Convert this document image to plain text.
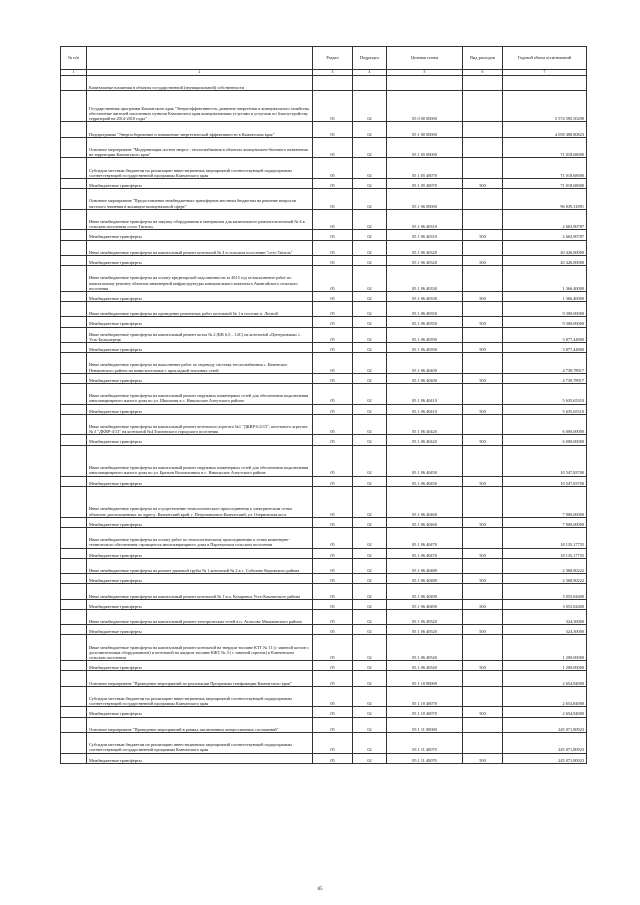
№ п/п		Раздел	Подраздел	Целевая статья	Вид расходов	Годовой объем ассигнований
1	2	3	4	5	6	7
	Капитальные вложения в объекты государственной (муниципальной) собственности					
	Государственная программа Камчатского края "Энергоэффективность, развитие энергетики и коммунального хозяйства, обеспечение жителей населенных пунктов Камчатского края коммунальными услугами и услугами по благоустройству территорий на 2014-2018 годы"	05	02	05 0 00 00000		5 574 585,50290
	Подпрограмма "Энергосбережение и повышение энергетической эффективности в Камчатском крае"	05	02	05 1 00 00000		4 058 488,80823
	Основное мероприятие "Модернизация систем энерго-, теплоснабжения в объектах коммунально-бытового назначения на территории Камчатского края"	05	02	05 1 05 00000		71 018,68000
	Субсидии местным бюджетам на реализацию инвестиционных мероприятий соответствующей подпрограммы соответствующей государственной программы Камчатского края	05	02	05 1 05 40070		71 018,68000
	Межбюджетные трансферты	05	02	05 1 05 40070	500	71 018,68000
	Основное мероприятие "Предоставление межбюджетных трансфертов местным бюджетам на решение вопросов местного значения в жилищно-коммунальной сфере"	05	02	05 1 06 00000		96 839,31891
	Иные межбюджетные трансферты на закупку оборудования и материалов для капитального ремонта котельной № 4 в сельском поселении «село Тигиль»	05	02	05 1 06 40310		2 663,90787
	Межбюджетные трансферты	05	02	05 1 06 40310	500	2 663,90787
	Иные межбюджетные трансферты на капитальный ремонт котельной № 4 в сельском поселении "село Тигиль"	05	02	05 1 06 40320		20 426,00000
	Межбюджетные трансферты	05	02	05 1 06 40320	500	20 426,00000
	Иные межбюджетные трансферты на оплату кредиторской задолженности за 2015 год за выполнение работ по капитальному ремонту объектов инженерной инфраструктуры коммунального комплекса Анавгайского сельского поселения	05	02	05 1 06 40330		1 366,40000
	Межбюджетные трансферты	05	02	05 1 06 40330	500	1 366,40000
	Иные межбюджетные трансферты на проведение ремонтных работ котельной № 1 в поселке п. Лесной	05	02	05 1 06 40350		9 300,00000
	Межбюджетные трансферты	05	02	05 1 06 40350	500	9 300,00000
	Иные межбюджетные трансферты на капитальный ремонт котла № 2 (КВ 6,5 – 14С) на котельной «Центральная» с. Усть-Большерецк	05	02	05 1 06 40390		3 877,44800
	Межбюджетные трансферты	05	02	05 1 06 40390	500	3 877,44800
	Иные межбюджетные трансферты на выполнение работ по переводу системы теплоснабжения с. Каменское Пенжинского района на мини-котельные с прокладкой тепловых сетей	05	02	05 1 06 40400		4 739,78917
	Межбюджетные трансферты	05	02	05 1 06 40400	500	4 739,78917
	Иные межбюджетные трансферты на капитальный ремонт наружных инженерных сетей для обеспечения подключения многоквартирного жилого дома по ул. Школьная в с. Никольское Алеутского района	05	02	05 1 06 40410		5 635,65310
	Межбюджетные трансферты	05	02	05 1 06 40410	500	5 635,65310
	Иные межбюджетные трансферты на капитальный ремонт котельного агрегата №1 "ДКВР-6,5/13", котельного агрегата № 3 "ДКВР-4/13" на котельной №4 Елизовского городского поселения	05	02	05 1 06 40420		6 000,00000
	Межбюджетные трансферты	05	02	05 1 06 40420	500	6 000,00000
	Иные межбюджетные трансферты на капитальный ремонт наружных инженерных сетей для обеспечения подключения многоквартирного жилого дома по ул. Братьев Волокитиных в с. Никольское Алеутского района	05	02	05 1 06 40450		10 547,83700
	Межбюджетные трансферты	05	02	05 1 06 40450	500	10 547,83700
	Иные межбюджетные трансферты на осуществление технологического присоединения к электрическим сетям объектов, расположенных по адресу: Камчатский край, г. Петропавловск-Камчатский, ул. Озерновская коса	05	02	05 1 06 40460		7 000,00000
	Межбюджетные трансферты	05	02	05 1 06 40460	500	7 000,00000
	Иные межбюджетные трансферты на оплату работ по технологическому присоединению к сетям инженерно-технического обеспечения строящегося многоквартирного дома в Паратунском сельском поселении	05	02	05 1 06 40470		18 135,17755
	Межбюджетные трансферты	05	02	05 1 06 40470	500	18 135,17755
	Иные межбюджетные трансферты на ремонт дымовой трубы № 1 котельной № 2 в с. Соболево Кировского района	05	02	05 1 06 40480		2 368,90222
	Межбюджетные трансферты	05	02	05 1 06 40480	500	2 368,90222
	Иные межбюджетные трансферты на капитальный ремонт котельной № 1 в п. Козыревск Усть-Камчатского района	05	02	05 1 06 40490		3 053,84400
	Межбюджетные трансферты	05	02	05 1 06 40490	500	3 053,84400
	Иные межбюджетные трансферты на капитальный ремонт электрических сетей в п. Атласово Мильковского района	05	02	05 1 06 40520		324,30000
	Межбюджетные трансферты	05	02	05 1 06 40520	500	324,30000
	Иные межбюджетные трансферты на капитальный ремонт котельной на твердом топливе КТТ № 11 (с заменой котлов с дополнительным оборудованием) и котельной на жидком топливе КЖТ № 3 ( с заменой горелок) в Ключевском сельском поселении	05	02	05 1 06 40540		1 200,00000
	Межбюджетные трансферты	05	02	05 1 06 40540	500	1 200,00000
	Основное мероприятие "Проведение мероприятий по реализации Программы газификации Камчатского края"	05	02	05 1 10 00000		2 654,84000
	Субсидии местным бюджетам на реализацию инвестиционных мероприятий соответствующей подпрограммы соответствующей государственной программы Камчатского края	05	02	05 1 10 40070		2 654,84000
	Межбюджетные трансферты	05	02	05 1 10 40070	500	2 654,84000
	Основное мероприятие "Проведение мероприятий в рамках заключенных концессионных соглашений"	05	02	05 1 11 00000		245 071,80923
	Субсидии местным бюджетам на реализацию инвестиционных мероприятий соответствующей подпрограммы соответствующей государственной программы Камчатского края	05	02	05 1 11 40070		245 071,80923
	Межбюджетные трансферты	05	02	05 1 11 40070	500	245 071,80923
85
